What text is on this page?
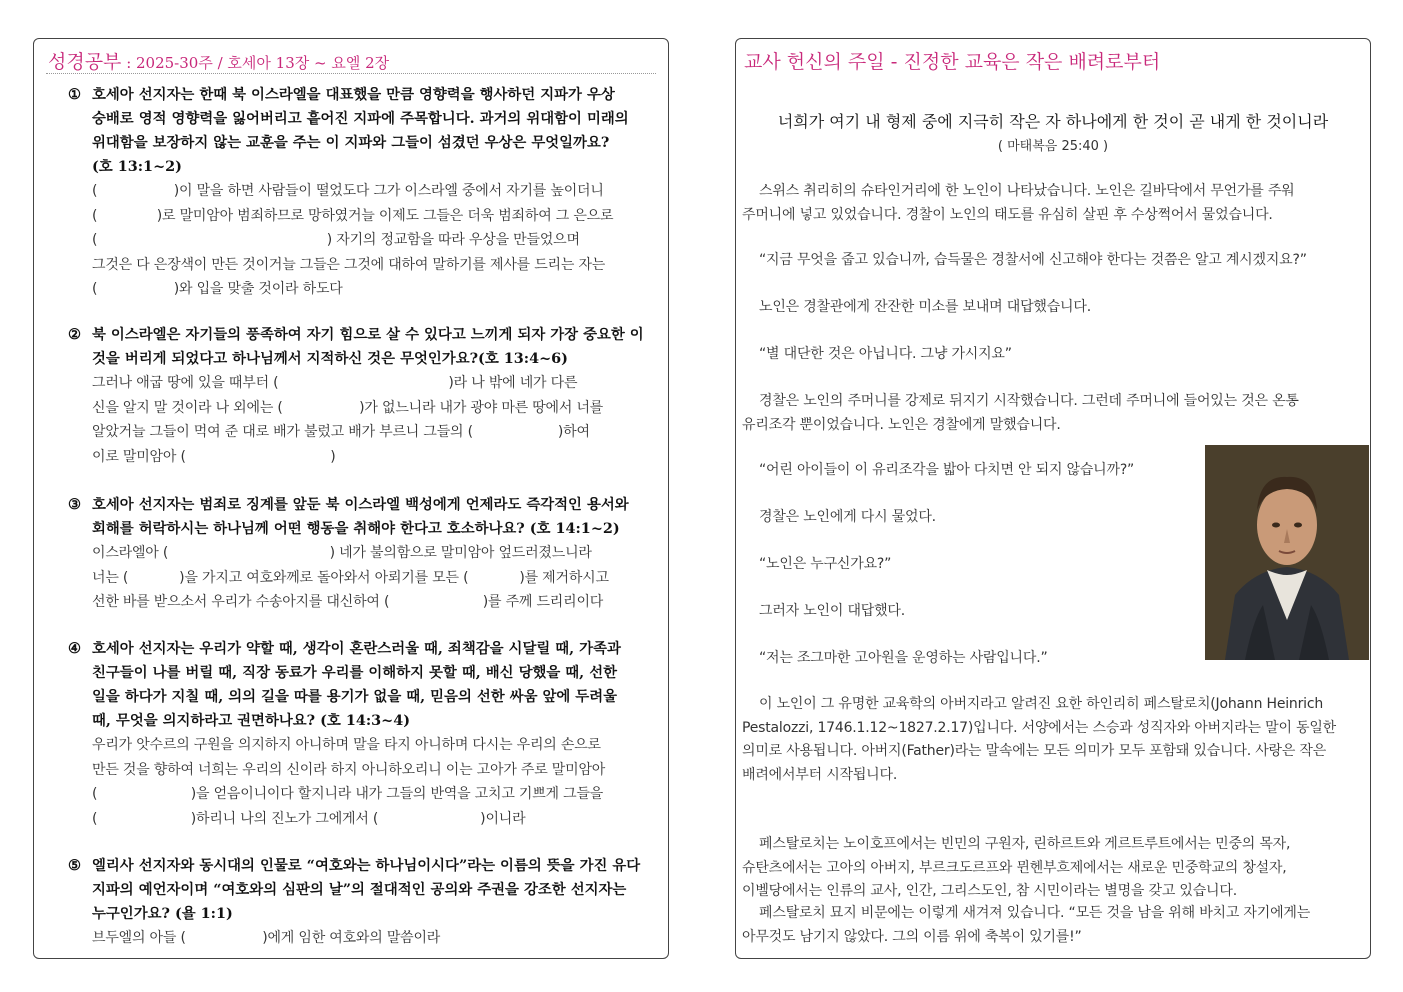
성경공부 : 2025-30주 / 호세아 13장 ~ 요엘 2장
① 호세아 선지자는 한때 북 이스라엘을 대표했을 만큼 영향력을 행사하던 지파가 우상
숭배로 영적 영향력을 잃어버리고 흩어진 지파에 주목합니다. 과거의 위대함이 미래의
위대함을 보장하지 않는 교훈을 주는 이 지파와 그들이 섬겼던 우상은 무엇일까요?
(호 13:1~2)
(                  )이 말을 하면 사람들이 떨었도다 그가 이스라엘 중에서 자기를 높이더니
(              )로 말미암아 범죄하므로 망하였거늘 이제도 그들은 더욱 범죄하여 그 은으로
(                                                      ) 자기의 정교함을 따라 우상을 만들었으며
그것은 다 은장색이 만든 것이거늘 그들은 그것에 대하여 말하기를 제사를 드리는 자는
(                  )와 입을 맞출 것이라 하도다
② 북 이스라엘은 자기들의 풍족하여 자기 힘으로 살 수 있다고 느끼게 되자 가장 중요한 이
것을 버리게 되었다고 하나님께서 지적하신 것은 무엇인가요?(호 13:4~6)
그러나 애굽 땅에 있을 때부터 (                                        )라 나 밖에 네가 다른
신을 알지 말 것이라 나 외에는 (                  )가 없느니라 내가 광야 마른 땅에서 너를
알았거늘 그들이 먹여 준 대로 배가 불렀고 배가 부르니 그들의 (                    )하여
이로 말미암아 (                                  )
③ 호세아 선지자는 범죄로 징계를 앞둔 북 이스라엘 백성에게 언제라도 즉각적인 용서와
회해를 허락하시는 하나님께 어떤 행동을 취해야 한다고 호소하나요? (호 14:1~2)
이스라엘아 (                                      ) 네가 불의함으로 말미암아 엎드러졌느니라
너는 (            )을 가지고 여호와께로 돌아와서 아뢰기를 모든 (            )를 제거하시고
선한 바를 받으소서 우리가 수송아지를 대신하여 (                      )를 주께 드리리이다
④ 호세아 선지자는 우리가 약할 때, 생각이 혼란스러울 때, 죄책감을 시달릴 때, 가족과
친구들이 나를 버릴 때, 직장 동료가 우리를 이해하지 못할 때, 배신 당했을 때, 선한
일을 하다가 지칠 때, 의의 길을 따를 용기가 없을 때, 믿음의 선한 싸움 앞에 두려울
때, 무엇을 의지하라고 권면하나요? (호 14:3~4)
우리가 앗수르의 구원을 의지하지 아니하며 말을 타지 아니하며 다시는 우리의 손으로
만든 것을 향하여 너희는 우리의 신이라 하지 아니하오리니 이는 고아가 주로 말미암아
(                      )을 얻음이니이다 할지니라 내가 그들의 반역을 고치고 기쁘게 그들을
(                      )하리니 나의 진노가 그에게서 (                        )이니라
⑤ 엘리사 선지자와 동시대의 인물로 “여호와는 하나님이시다”라는 이름의 뜻을 가진 유다
지파의 예언자이며 “여호와의 심판의 날”의 절대적인 공의와 주권을 강조한 선지자는
누구인가요? (욜 1:1)
브두엘의 아들 (                  )에게 임한 여호와의 말씀이라
교사 헌신의 주일 - 진정한 교육은 작은 배려로부터
너희가 여기 내 형제 중에 지극히 작은 자 하나에게 한 것이 곧 내게 한 것이니라
( 마태복음 25:40 )
스위스 취리히의 슈타인거리에 한 노인이 나타났습니다. 노인은 길바닥에서 무언가를 주워
주머니에 넣고 있었습니다. 경찰이 노인의 태도를 유심히 살핀 후 수상쩍어서 물었습니다.
“지금 무엇을 줍고 있습니까, 습득물은 경찰서에 신고해야 한다는 것쯤은 알고 계시겠지요?”
노인은 경찰관에게 잔잔한 미소를 보내며 대답했습니다.
“별 대단한 것은 아닙니다. 그냥 가시지요”
경찰은 노인의 주머니를 강제로 뒤지기 시작했습니다. 그런데 주머니에 들어있는 것은 온통
유리조각 뿐이었습니다. 노인은 경찰에게 말했습니다.
“어린 아이들이 이 유리조각을 밟아 다치면 안 되지 않습니까?”
경찰은 노인에게 다시 물었다.
“노인은 누구신가요?”
그러자 노인이 대답했다.
“저는 조그마한 고아원을 운영하는 사람입니다.”
이 노인이 그 유명한 교육학의 아버지라고 알려진 요한 하인리히 페스탈로치(Johann Heinrich
Pestalozzi, 1746.1.12~1827.2.17)입니다. 서양에서는 스승과 성직자와 아버지라는 말이 동일한
의미로 사용됩니다. 아버지(Father)라는 말속에는 모든 의미가 모두 포함돼 있습니다. 사랑은 작은
배려에서부터 시작됩니다.
페스탈로치는 노이호프에서는 빈민의 구원자, 린하르트와 게르트루트에서는 민중의 목자,
슈탄츠에서는 고아의 아버지, 부르크도르프와 뮌헨부흐제에서는 새로운 민중학교의 창설자,
이벨당에서는 인류의 교사, 인간, 그리스도인, 참 시민이라는 별명을 갖고 있습니다.
페스탈로치 묘지 비문에는 이렇게 새겨져 있습니다. “모든 것을 남을 위해 바치고 자기에게는
아무것도 남기지 않았다. 그의 이름 위에 축복이 있기를!”
